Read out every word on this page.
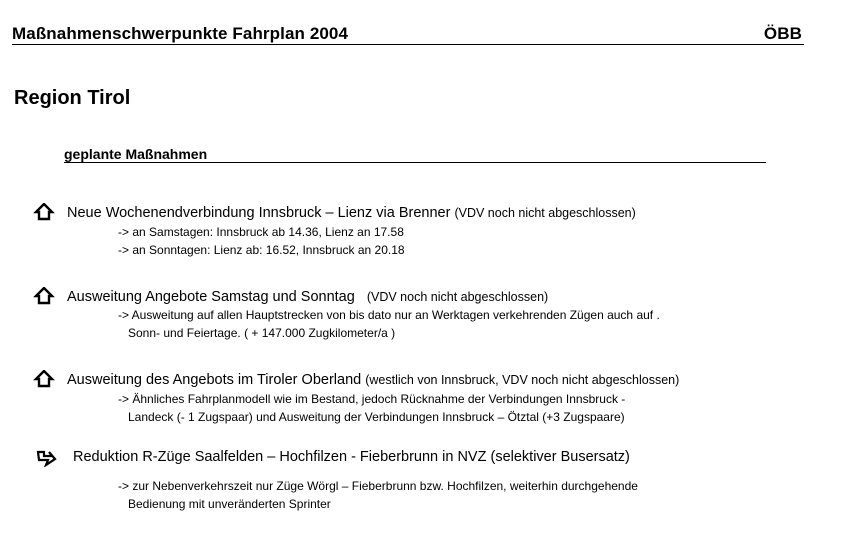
Maßnahmenschwerpunkte Fahrplan 2004	ÖBB
Region Tirol
geplante Maßnahmen
Neue Wochenendverbindung Innsbruck – Lienz via Brenner (VDV noch nicht abgeschlossen)
-> an Samstagen: Innsbruck ab 14.36, Lienz an 17.58
-> an Sonntagen: Lienz ab: 16.52, Innsbruck an 20.18
Ausweitung Angebote Samstag und Sonntag (VDV noch nicht abgeschlossen)
-> Ausweitung auf allen Hauptstrecken von bis dato nur an Werktagen verkehrenden Zügen auch auf .
Sonn- und Feiertage. ( + 147.000 Zugkilometer/a )
Ausweitung des Angebots im Tiroler Oberland (westlich von Innsbruck, VDV noch nicht abgeschlossen)
-> Ähnliches Fahrplanmodell wie im Bestand, jedoch Rücknahme der Verbindungen Innsbruck -
Landeck (- 1 Zugspaar) und Ausweitung der Verbindungen Innsbruck – Ötztal (+3 Zugspaare)
Reduktion R-Züge Saalfelden – Hochfilzen - Fieberbrunn in NVZ (selektiver Busersatz)
-> zur Nebenverkehrszeit nur Züge Wörgl – Fieberbrunn bzw. Hochfilzen, weiterhin durchgehende
Bedienung mit unveränderten Sprinter
